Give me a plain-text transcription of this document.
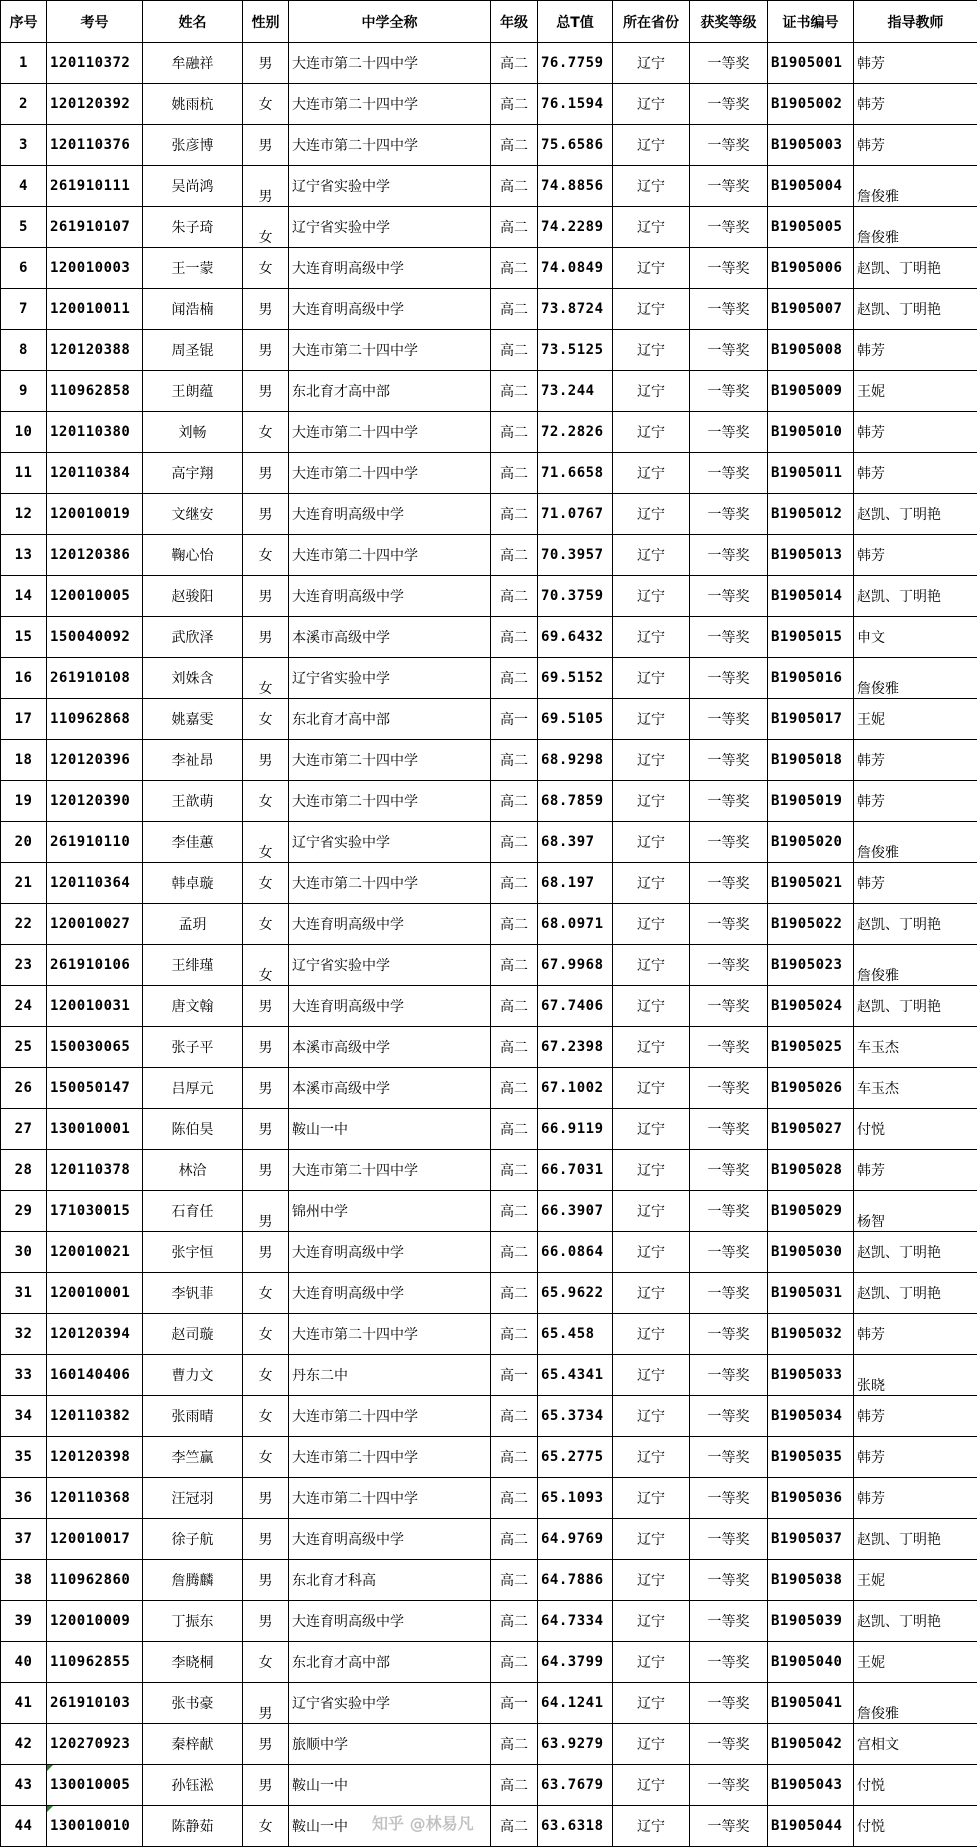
序号	考号	姓名	性别	中学全称	年级	总T值	所在省份	获奖等级	证书编号	指导教师
1	120110372	牟融祥	男	大连市第二十四中学	高二	76.7759	辽宁	一等奖	B1905001	韩芳
2	120120392	姚雨杭	女	大连市第二十四中学	高二	76.1594	辽宁	一等奖	B1905002	韩芳
3	120110376	张彦博	男	大连市第二十四中学	高二	75.6586	辽宁	一等奖	B1905003	韩芳
4	261910111	吴尚鸿	男	辽宁省实验中学	高二	74.8856	辽宁	一等奖	B1905004	詹俊雅
5	261910107	朱子琦	女	辽宁省实验中学	高二	74.2289	辽宁	一等奖	B1905005	詹俊雅
6	120010003	王一蒙	女	大连育明高级中学	高二	74.0849	辽宁	一等奖	B1905006	赵凯、丁明艳
7	120010011	闻浩楠	男	大连育明高级中学	高二	73.8724	辽宁	一等奖	B1905007	赵凯、丁明艳
8	120120388	周圣锟	男	大连市第二十四中学	高二	73.5125	辽宁	一等奖	B1905008	韩芳
9	110962858	王朗蕴	男	东北育才高中部	高二	73.244	辽宁	一等奖	B1905009	王妮
10	120110380	刘畅	女	大连市第二十四中学	高二	72.2826	辽宁	一等奖	B1905010	韩芳
11	120110384	高宇翔	男	大连市第二十四中学	高二	71.6658	辽宁	一等奖	B1905011	韩芳
12	120010019	文继安	男	大连育明高级中学	高二	71.0767	辽宁	一等奖	B1905012	赵凯、丁明艳
13	120120386	鞠心怡	女	大连市第二十四中学	高二	70.3957	辽宁	一等奖	B1905013	韩芳
14	120010005	赵骏阳	男	大连育明高级中学	高二	70.3759	辽宁	一等奖	B1905014	赵凯、丁明艳
15	150040092	武欣泽	男	本溪市高级中学	高二	69.6432	辽宁	一等奖	B1905015	申文
16	261910108	刘姝含	女	辽宁省实验中学	高二	69.5152	辽宁	一等奖	B1905016	詹俊雅
17	110962868	姚嘉雯	女	东北育才高中部	高一	69.5105	辽宁	一等奖	B1905017	王妮
18	120120396	李祉昂	男	大连市第二十四中学	高二	68.9298	辽宁	一等奖	B1905018	韩芳
19	120120390	王歆萌	女	大连市第二十四中学	高二	68.7859	辽宁	一等奖	B1905019	韩芳
20	261910110	李佳蕙	女	辽宁省实验中学	高二	68.397	辽宁	一等奖	B1905020	詹俊雅
21	120110364	韩卓璇	女	大连市第二十四中学	高二	68.197	辽宁	一等奖	B1905021	韩芳
22	120010027	孟玥	女	大连育明高级中学	高二	68.0971	辽宁	一等奖	B1905022	赵凯、丁明艳
23	261910106	王绯瑾	女	辽宁省实验中学	高二	67.9968	辽宁	一等奖	B1905023	詹俊雅
24	120010031	唐文翰	男	大连育明高级中学	高二	67.7406	辽宁	一等奖	B1905024	赵凯、丁明艳
25	150030065	张子平	男	本溪市高级中学	高二	67.2398	辽宁	一等奖	B1905025	车玉杰
26	150050147	吕厚元	男	本溪市高级中学	高二	67.1002	辽宁	一等奖	B1905026	车玉杰
27	130010001	陈伯昊	男	鞍山一中	高二	66.9119	辽宁	一等奖	B1905027	付悦
28	120110378	林洽	男	大连市第二十四中学	高二	66.7031	辽宁	一等奖	B1905028	韩芳
29	171030015	石育任	男	锦州中学	高二	66.3907	辽宁	一等奖	B1905029	杨智
30	120010021	张宇恒	男	大连育明高级中学	高二	66.0864	辽宁	一等奖	B1905030	赵凯、丁明艳
31	120010001	李钒菲	女	大连育明高级中学	高二	65.9622	辽宁	一等奖	B1905031	赵凯、丁明艳
32	120120394	赵司璇	女	大连市第二十四中学	高二	65.458	辽宁	一等奖	B1905032	韩芳
33	160140406	曹力文	女	丹东二中	高一	65.4341	辽宁	一等奖	B1905033	张晓
34	120110382	张雨晴	女	大连市第二十四中学	高二	65.3734	辽宁	一等奖	B1905034	韩芳
35	120120398	李竺赢	女	大连市第二十四中学	高二	65.2775	辽宁	一等奖	B1905035	韩芳
36	120110368	汪冠羽	男	大连市第二十四中学	高二	65.1093	辽宁	一等奖	B1905036	韩芳
37	120010017	徐子航	男	大连育明高级中学	高二	64.9769	辽宁	一等奖	B1905037	赵凯、丁明艳
38	110962860	詹腾麟	男	东北育才科高	高二	64.7886	辽宁	一等奖	B1905038	王妮
39	120010009	丁振东	男	大连育明高级中学	高二	64.7334	辽宁	一等奖	B1905039	赵凯、丁明艳
40	110962855	李晓桐	女	东北育才高中部	高二	64.3799	辽宁	一等奖	B1905040	王妮
41	261910103	张书豪	男	辽宁省实验中学	高一	64.1241	辽宁	一等奖	B1905041	詹俊雅
42	120270923	秦梓献	男	旅顺中学	高二	63.9279	辽宁	一等奖	B1905042	宫相文
43	130010005	孙钰淞	男	鞍山一中	高二	63.7679	辽宁	一等奖	B1905043	付悦
44	130010010	陈静茹	女	鞍山一中	高二	63.6318	辽宁	一等奖	B1905044	付悦
知乎 @林易凡
